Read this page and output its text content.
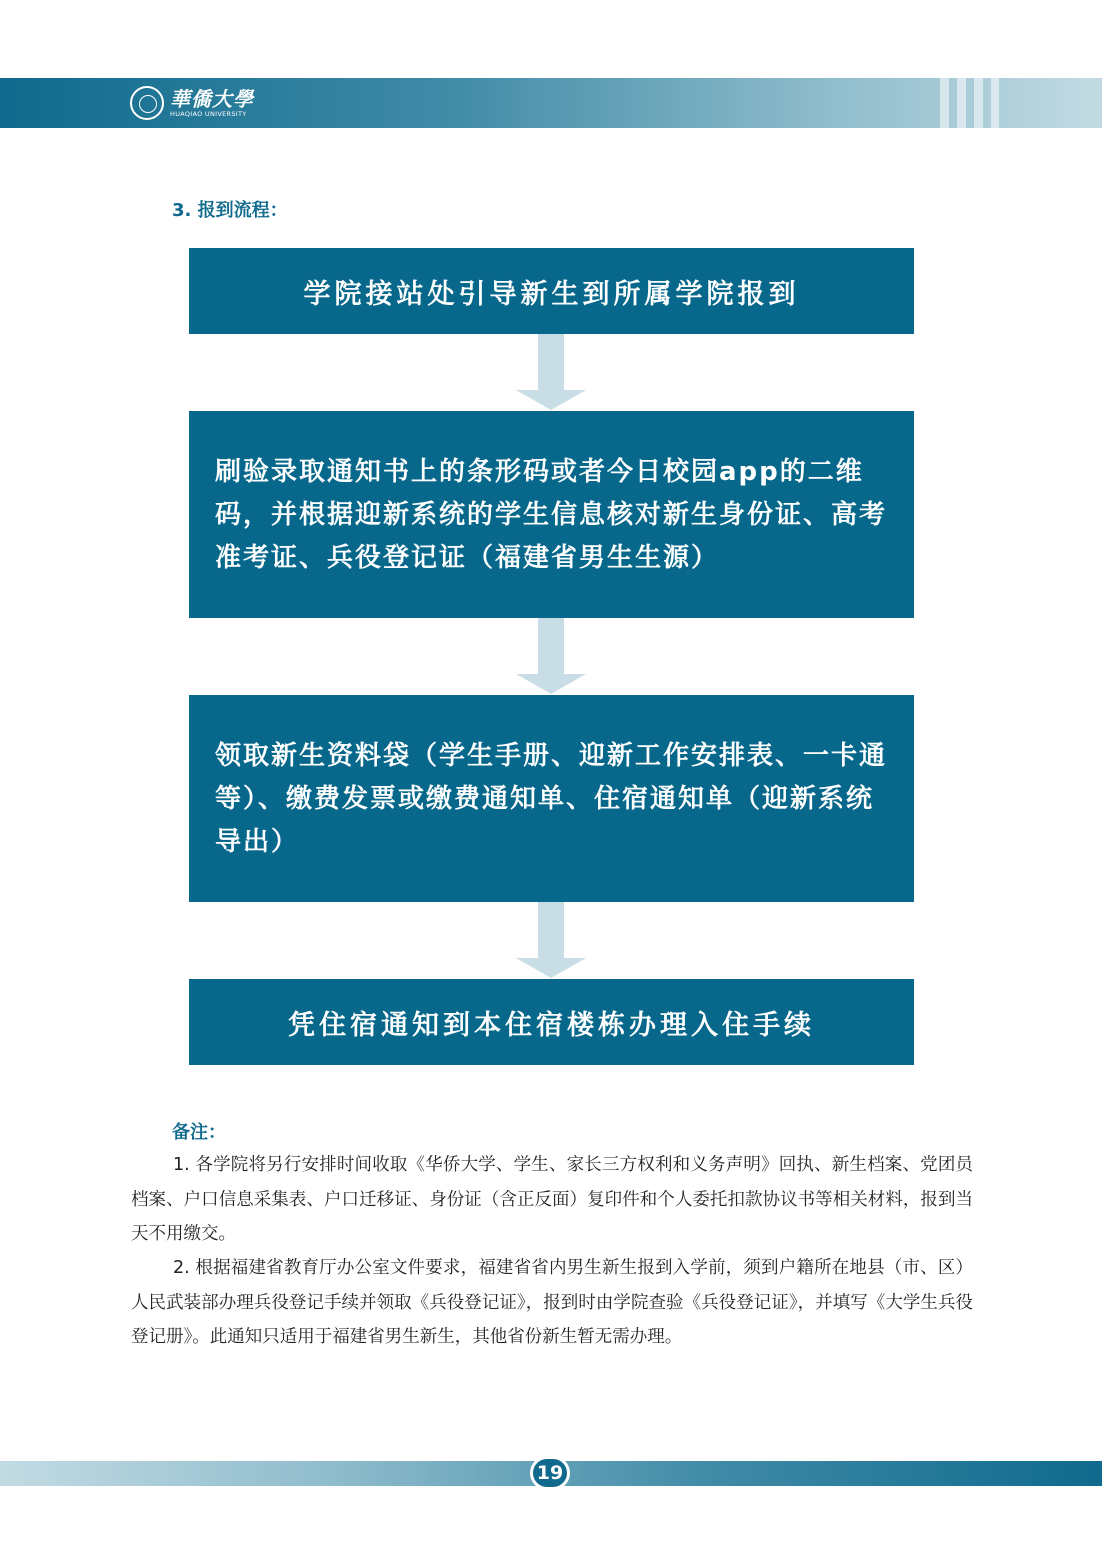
華僑大學
HUAQIAO UNIVERSITY
3. 报到流程：
学院接站处引导新生到所属学院报到
刷验录取通知书上的条形码或者今日校园app的二维码，并根据迎新系统的学生信息核对新生身份证、高考准考证、兵役登记证（福建省男生生源）
领取新生资料袋（学生手册、迎新工作安排表、一卡通等）、缴费发票或缴费通知单、住宿通知单（迎新系统导出）
凭住宿通知到本住宿楼栋办理入住手续
备注：
1. 各学院将另行安排时间收取《华侨大学、学生、家长三方权利和义务声明》回执、新生档案、党团员档案、户口信息采集表、户口迁移证、身份证（含正反面）复印件和个人委托扣款协议书等相关材料，报到当天不用缴交。
2. 根据福建省教育厅办公室文件要求，福建省省内男生新生报到入学前，须到户籍所在地县（市、区）人民武装部办理兵役登记手续并领取《兵役登记证》，报到时由学院查验《兵役登记证》，并填写《大学生兵役登记册》。此通知只适用于福建省男生新生，其他省份新生暂无需办理。
19
